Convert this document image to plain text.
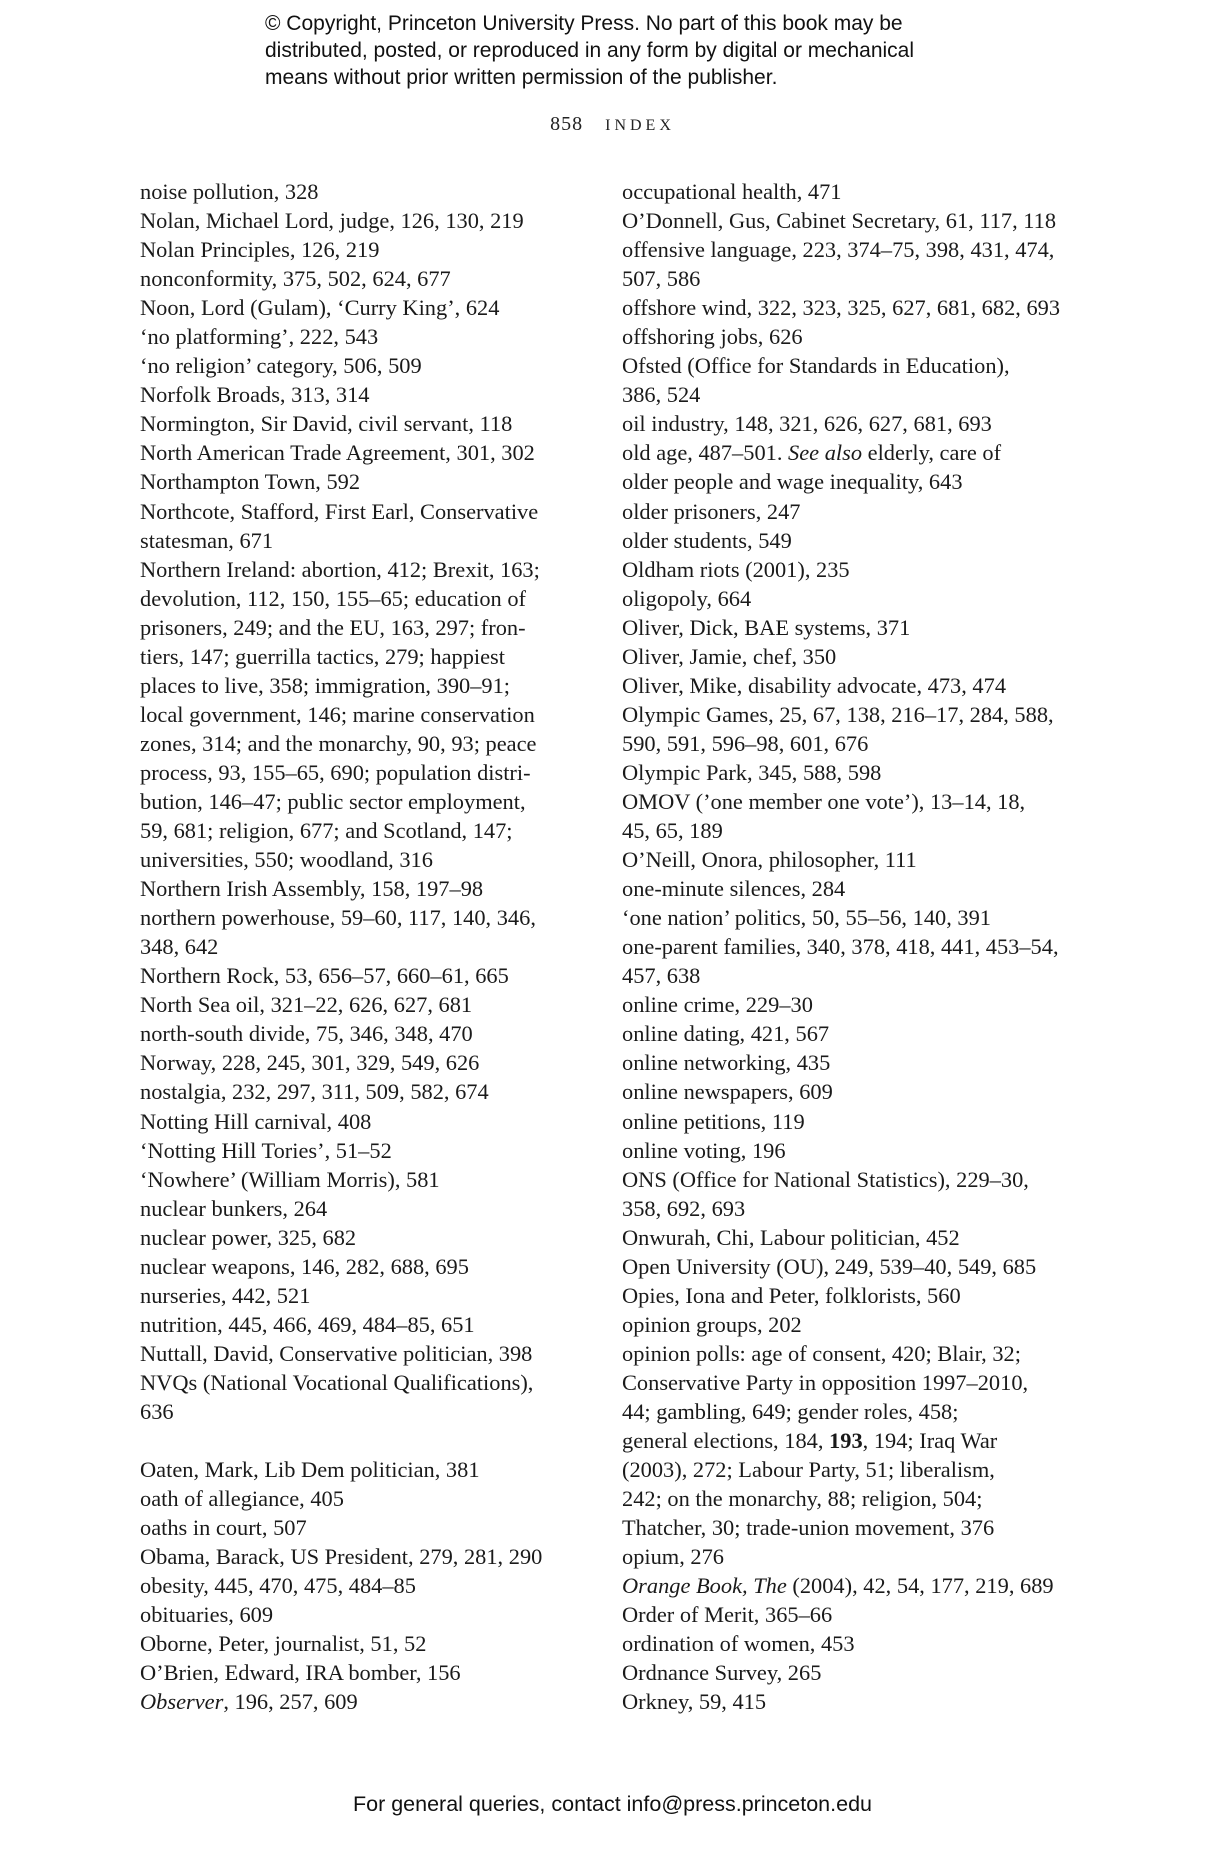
© Copyright, Princeton University Press. No part of this book may be
distributed, posted, or reproduced in any form by digital or mechanical
means without prior written permission of the publisher.
858 INDEX
noise pollution, 328
Nolan, Michael Lord, judge, 126, 130, 219
Nolan Principles, 126, 219
nonconformity, 375, 502, 624, 677
Noon, Lord (Gulam), ‘Curry King’, 624
‘no platforming’, 222, 543
‘no religion’ category, 506, 509
Norfolk Broads, 313, 314
Normington, Sir David, civil servant, 118
North American Trade Agreement, 301, 302
Northampton Town, 592
Northcote, Stafford, First Earl, Conservative
statesman, 671
Northern Ireland: abortion, 412; Brexit, 163;
devolution, 112, 150, 155–65; education of
prisoners, 249; and the EU, 163, 297; fron-
tiers, 147; guerrilla tactics, 279; happiest
places to live, 358; immigration, 390–91;
local government, 146; marine conservation
zones, 314; and the monarchy, 90, 93; peace
process, 93, 155–65, 690; population distri-
bution, 146–47; public sector employment,
59, 681; religion, 677; and Scotland, 147;
universities, 550; woodland, 316
Northern Irish Assembly, 158, 197–98
northern powerhouse, 59–60, 117, 140, 346,
348, 642
Northern Rock, 53, 656–57, 660–61, 665
North Sea oil, 321–22, 626, 627, 681
north-south divide, 75, 346, 348, 470
Norway, 228, 245, 301, 329, 549, 626
nostalgia, 232, 297, 311, 509, 582, 674
Notting Hill carnival, 408
‘Notting Hill Tories’, 51–52
‘Nowhere’ (William Morris), 581
nuclear bunkers, 264
nuclear power, 325, 682
nuclear weapons, 146, 282, 688, 695
nurseries, 442, 521
nutrition, 445, 466, 469, 484–85, 651
Nuttall, David, Conservative politician, 398
NVQs (National Vocational Qualifications),
636
Oaten, Mark, Lib Dem politician, 381
oath of allegiance, 405
oaths in court, 507
Obama, Barack, US President, 279, 281, 290
obesity, 445, 470, 475, 484–85
obituaries, 609
Oborne, Peter, journalist, 51, 52
O’Brien, Edward, IRA bomber, 156
Observer, 196, 257, 609
occupational health, 471
O’Donnell, Gus, Cabinet Secretary, 61, 117, 118
offensive language, 223, 374–75, 398, 431, 474,
507, 586
offshore wind, 322, 323, 325, 627, 681, 682, 693
offshoring jobs, 626
Ofsted (Office for Standards in Education),
386, 524
oil industry, 148, 321, 626, 627, 681, 693
old age, 487–501. See also elderly, care of
older people and wage inequality, 643
older prisoners, 247
older students, 549
Oldham riots (2001), 235
oligopoly, 664
Oliver, Dick, BAE systems, 371
Oliver, Jamie, chef, 350
Oliver, Mike, disability advocate, 473, 474
Olympic Games, 25, 67, 138, 216–17, 284, 588,
590, 591, 596–98, 601, 676
Olympic Park, 345, 588, 598
OMOV (’one member one vote’), 13–14, 18,
45, 65, 189
O’Neill, Onora, philosopher, 111
one-minute silences, 284
‘one nation’ politics, 50, 55–56, 140, 391
one-parent families, 340, 378, 418, 441, 453–54,
457, 638
online crime, 229–30
online dating, 421, 567
online networking, 435
online newspapers, 609
online petitions, 119
online voting, 196
ONS (Office for National Statistics), 229–30,
358, 692, 693
Onwurah, Chi, Labour politician, 452
Open University (OU), 249, 539–40, 549, 685
Opies, Iona and Peter, folklorists, 560
opinion groups, 202
opinion polls: age of consent, 420; Blair, 32;
Conservative Party in opposition 1997–2010,
44; gambling, 649; gender roles, 458;
general elections, 184, 193, 194; Iraq War
(2003), 272; Labour Party, 51; liberalism,
242; on the monarchy, 88; religion, 504;
Thatcher, 30; trade-union movement, 376
opium, 276
Orange Book, The (2004), 42, 54, 177, 219, 689
Order of Merit, 365–66
ordination of women, 453
Ordnance Survey, 265
Orkney, 59, 415
For general queries, contact info@press.princeton.edu
